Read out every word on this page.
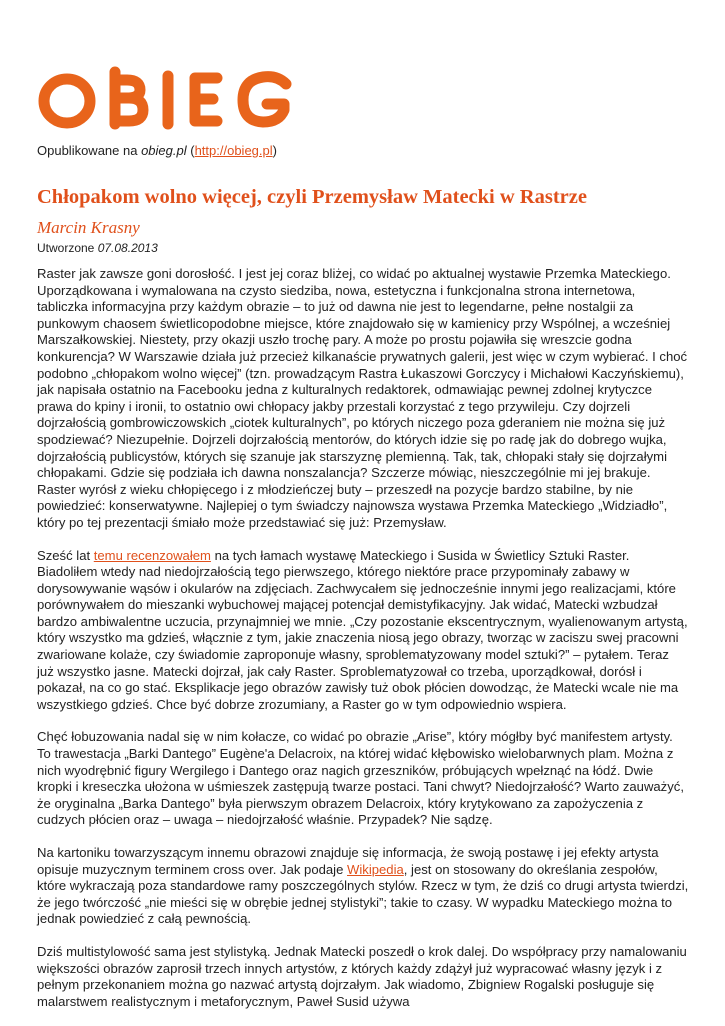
Opublikowane na obieg.pl (http://obieg.pl)
Chłopakom wolno więcej, czyli Przemysław Matecki w Rastrze
Marcin Krasny
Utworzone 07.08.2013

Raster jak zawsze goni dorosłość. I jest jej coraz bliżej, co widać po aktualnej wystawie Przemka Mateckiego. Uporządkowana i wymalowana na czysto siedziba, nowa, estetyczna i funkcjonalna strona internetowa, tabliczka informacyjna przy każdym obrazie – to już od dawna nie jest to legendarne, pełne nostalgii za punkowym chaosem świetlicopodobne miejsce, które znajdowało się w kamienicy przy Wspólnej, a wcześniej Marszałkowskiej. Niestety, przy okazji uszło trochę pary. A może po prostu pojawiła się wreszcie godna konkurencja? W Warszawie działa już przecież kilkanaście prywatnych galerii, jest więc w czym wybierać. I choć podobno „chłopakom wolno więcej” (tzn. prowadzącym Rastra Łukaszowi Gorczycy i Michałowi Kaczyńskiemu), jak napisała ostatnio na Facebooku jedna z kulturalnych redaktorek, odmawiając pewnej zdolnej krytyczce prawa do kpiny i ironii, to ostatnio owi chłopacy jakby przestali korzystać z tego przywileju. Czy dojrzeli dojrzałością gombrowiczowskich „ciotek kulturalnych”, po których niczego poza gderaniem nie można się już spodziewać? Niezupełnie. Dojrzeli dojrzałością mentorów, do których idzie się po radę jak do dobrego wujka, dojrzałością publicystów, których się szanuje jak starszyznę plemienną. Tak, tak, chłopaki stały się dojrzałymi chłopakami. Gdzie się podziała ich dawna nonszalancja? Szczerze mówiąc, nieszczególnie mi jej brakuje. Raster wyrósł z wieku chłopięcego i z młodzieńczej buty – przeszedł na pozycje bardzo stabilne, by nie powiedzieć: konserwatywne. Najlepiej o tym świadczy najnowsza wystawa Przemka Mateckiego „Widziadło”, który po tej prezentacji śmiało może przedstawiać się już: Przemysław.

Sześć lat temu recenzowałem na tych łamach wystawę Mateckiego i Susida w Świetlicy Sztuki Raster. Biadoliłem wtedy nad niedojrzałością tego pierwszego, którego niektóre prace przypominały zabawy w dorysowywanie wąsów i okularów na zdjęciach. Zachwycałem się jednocześnie innymi jego realizacjami, które porównywałem do mieszanki wybuchowej mającej potencjał demistyfikacyjny. Jak widać, Matecki wzbudzał bardzo ambiwalentne uczucia, przynajmniej we mnie. „Czy pozostanie ekscentrycznym, wyalienowanym artystą, który wszystko ma gdzieś, włącznie z tym, jakie znaczenia niosą jego obrazy, tworząc w zaciszu swej pracowni zwariowane kolaże, czy świadomie zaproponuje własny, sproblematyzowany model sztuki?” – pytałem. Teraz już wszystko jasne. Matecki dojrzał, jak cały Raster. Sproblematyzował co trzeba, uporządkował, dorósł i pokazał, na co go stać. Eksplikacje jego obrazów zawisły tuż obok płócien dowodząc, że Matecki wcale nie ma wszystkiego gdzieś. Chce być dobrze zrozumiany, a Raster go w tym odpowiednio wspiera.

Chęć łobuzowania nadal się w nim kołacze, co widać po obrazie „Arise”, który mógłby być manifestem artysty. To trawestacja „Barki Dantego” Eugène'a Delacroix, na której widać kłębowisko wielobarwnych plam. Można z nich wyodrębnić figury Wergilego i Dantego oraz nagich grzeszników, próbujących wpełznąć na łódź. Dwie kropki i kreseczka ułożona w uśmieszek zastępują twarze postaci. Tani chwyt? Niedojrzałość? Warto zauważyć, że oryginalna „Barka Dantego” była pierwszym obrazem Delacroix, który krytykowano za zapożyczenia z cudzych płócien oraz – uwaga – niedojrzałość właśnie. Przypadek? Nie sądzę.

Na kartoniku towarzyszącym innemu obrazowi znajduje się informacja, że swoją postawę i jej efekty artysta opisuje muzycznym terminem cross over. Jak podaje Wikipedia, jest on stosowany do określania zespołów, które wykraczają poza standardowe ramy poszczególnych stylów. Rzecz w tym, że dziś co drugi artysta twierdzi, że jego twórczość „nie mieści się w obrębie jednej stylistyki”; takie to czasy. W wypadku Mateckiego można to jednak powiedzieć z całą pewnością.

Dziś multistylowość sama jest stylistyką. Jednak Matecki poszedł o krok dalej. Do współpracy przy namalowaniu większości obrazów zaprosił trzech innych artystów, z których każdy zdążył już wypracować własny język i z pełnym przekonaniem można go nazwać artystą dojrzałym. Jak wiadomo, Zbigniew Rogalski posługuje się malarstwem realistycznym i metaforycznym, Paweł Susid używa
